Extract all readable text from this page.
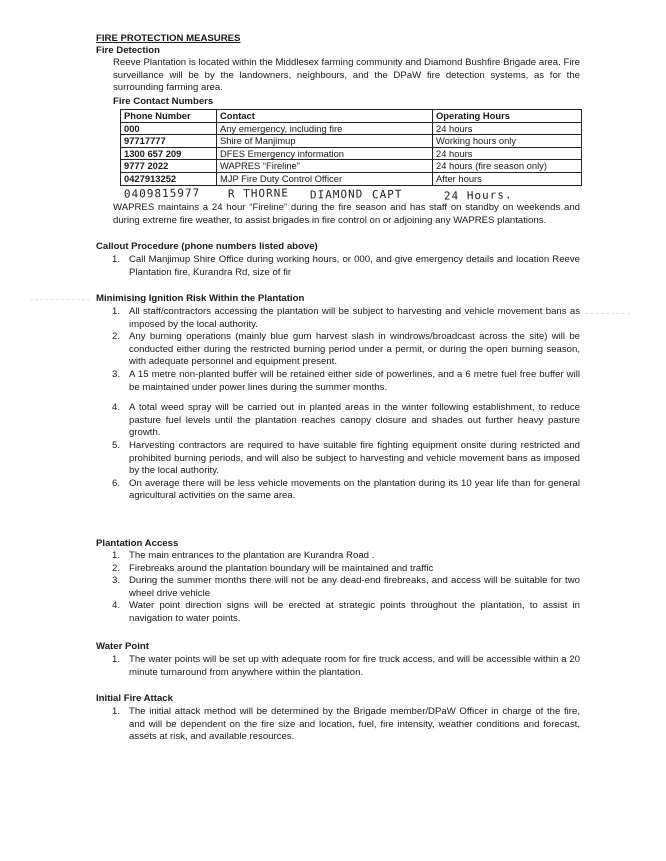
FIRE PROTECTION MEASURES
Fire Detection
Reeve Plantation is located within the Middlesex farming community and Diamond Bushfire Brigade area. Fire surveillance will be by the landowners, neighbours, and the DPaW fire detection systems, as for the surrounding farming area.
Fire Contact Numbers
Phone Number	Contact	Operating Hours
000	Any emergency, including fire	24 hours
97717777	Shire of Manjimup	Working hours only
1300 657 209	DFES Emergency information	24 hours
9777 2022	WAPRES “Fireline”	24 hours (fire season only)
0427913252	MJP Fire Duty Control Officer	After hours
0409815977	R THORNE DIAMOND CAPT	24 Hours.
WAPRES maintains a 24 hour “Fireline” during the fire season and has staff on standby on weekends and during extreme fire weather, to assist brigades in fire control on or adjoining any WAPRES plantations.
Callout Procedure (phone numbers listed above)
1. Call Manjimup Shire Office during working hours, or 000, and give emergency details and location Reeve Plantation fire, Kurandra Rd, size of fir
Minimising Ignition Risk Within the Plantation
1. All staff/contractors accessing the plantation will be subject to harvesting and vehicle movement bans as imposed by the local authority.
2. Any burning operations (mainly blue gum harvest slash in windrows/broadcast across the site) will be conducted either during the restricted burning period under a permit, or during the open burning season, with adequate personnel and equipment present.
3. A 15 metre non-planted buffer will be retained either side of powerlines, and a 6 metre fuel free buffer will be maintained under power lines during the summer months.
4. A total weed spray will be carried out in planted areas in the winter following establishment, to reduce pasture fuel levels until the plantation reaches canopy closure and shades out further heavy pasture growth.
5. Harvesting contractors are required to have suitable fire fighting equipment onsite during restricted and prohibited burning periods, and will also be subject to harvesting and vehicle movement bans as imposed by the local authority.
6. On average there will be less vehicle movements on the plantation during its 10 year life than for general agricultural activities on the same area.
Plantation Access
1. The main entrances to the plantation are Kurandra Road .
2. Firebreaks around the plantation boundary will be maintained and traffic
3. During the summer months there will not be any dead-end firebreaks, and access will be suitable for two wheel drive vehicle
4. Water point direction signs will be erected at strategic points throughout the plantation, to assist in navigation to water points.
Water Point
1. The water points will be set up with adequate room for fire truck access, and will be accessible within a 20 minute turnaround from anywhere within the plantation.
Initial Fire Attack
1. The initial attack method will be determined by the Brigade member/DPaW Officer in charge of the fire, and will be dependent on the fire size and location, fuel, fire intensity, weather conditions and forecast, assets at risk, and available resources.
